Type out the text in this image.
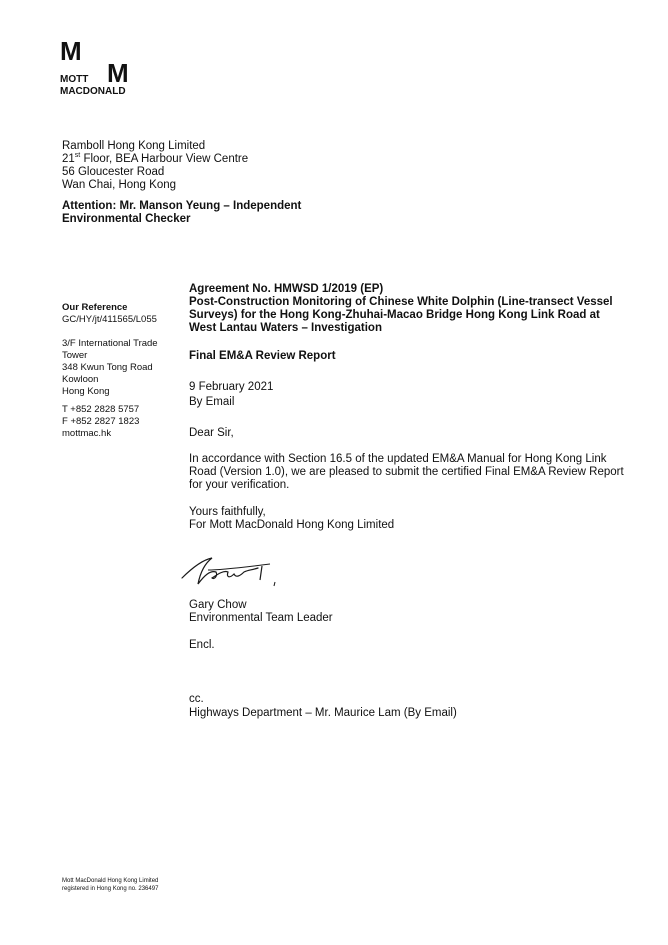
M
M
MOTT
MACDONALD
Ramboll Hong Kong Limited
21st Floor, BEA Harbour View Centre
56 Gloucester Road
Wan Chai, Hong Kong
Attention: Mr. Manson Yeung – Independent
Environmental Checker
Agreement No. HMWSD 1/2019 (EP)
Post-Construction Monitoring of Chinese White Dolphin (Line-transect Vessel
Surveys) for the Hong Kong-Zhuhai-Macao Bridge Hong Kong Link Road at
West Lantau Waters – Investigation
Final EM&A Review Report
Our Reference
GC/HY/jt/411565/L055
3/F International Trade
Tower
348 Kwun Tong Road
Kowloon
Hong Kong
T +852 2828 5757
F +852 2827 1823
mottmac.hk
9 February 2021
By Email
Dear Sir,
In accordance with Section 16.5 of the updated EM&A Manual for Hong Kong Link
Road (Version 1.0), we are pleased to submit the certified Final EM&A Review Report
for your verification.
Yours faithfully,
For Mott MacDonald Hong Kong Limited
Gary Chow
Environmental Team Leader
Encl.
cc.
Highways Department – Mr. Maurice Lam (By Email)
Mott MacDonald Hong Kong Limited
registered in Hong Kong no. 236497
